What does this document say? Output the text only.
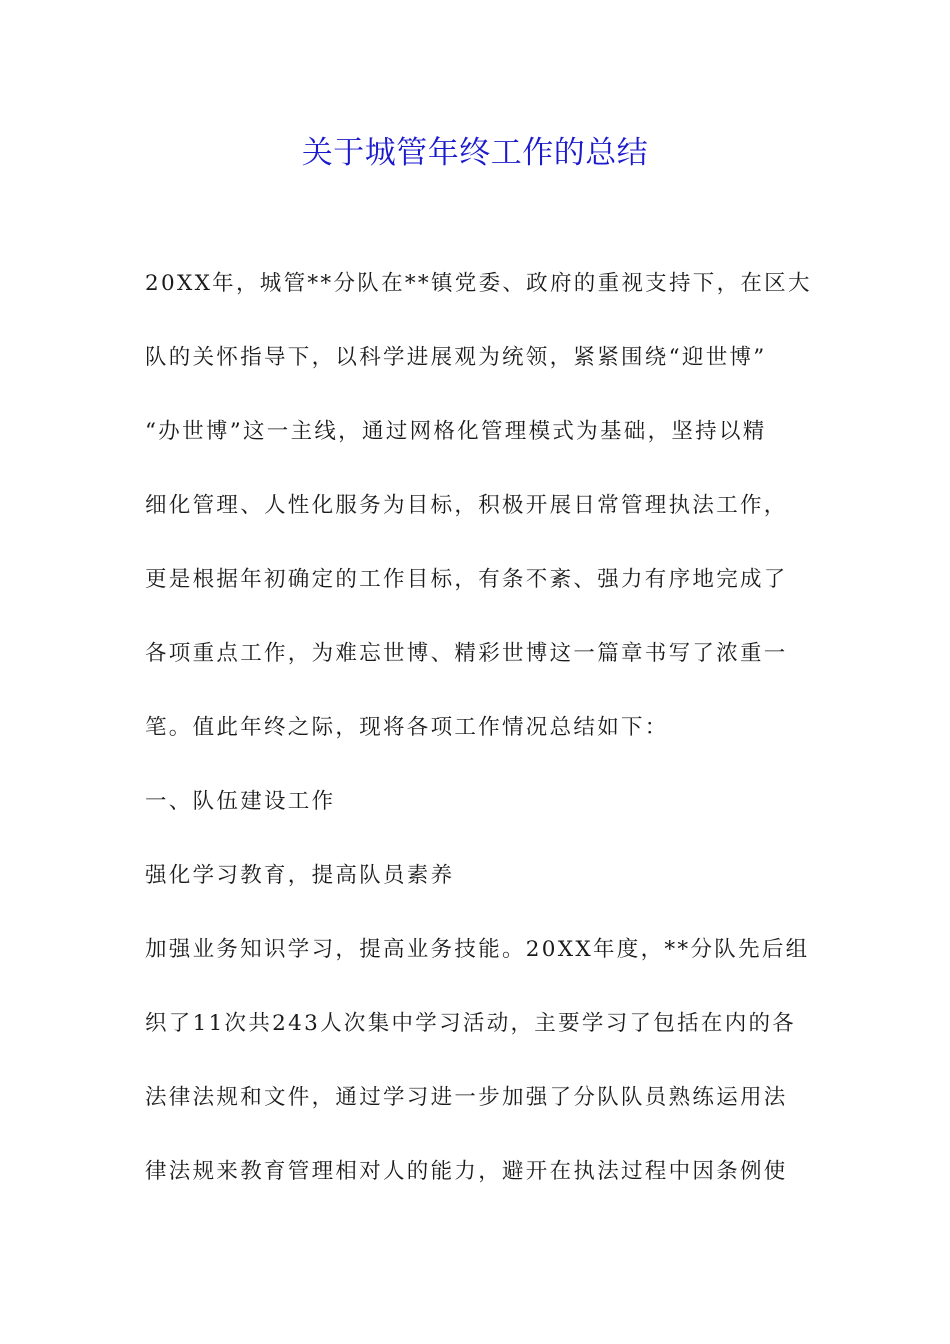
关于城管年终工作的总结
20XX年，城管**分队在**镇党委、政府的重视支持下，在区大
队的关怀指导下，以科学进展观为统领，紧紧围绕“迎世博”
“办世博”这一主线，通过网格化管理模式为基础，坚持以精
细化管理、人性化服务为目标，积极开展日常管理执法工作，
更是根据年初确定的工作目标，有条不紊、强力有序地完成了
各项重点工作，为难忘世博、精彩世博这一篇章书写了浓重一
笔。值此年终之际，现将各项工作情况总结如下：
一、队伍建设工作
强化学习教育，提高队员素养
加强业务知识学习，提高业务技能。20XX年度，**分队先后组
织了11次共243人次集中学习活动，主要学习了包括在内的各
法律法规和文件，通过学习进一步加强了分队队员熟练运用法
律法规来教育管理相对人的能力，避开在执法过程中因条例使
